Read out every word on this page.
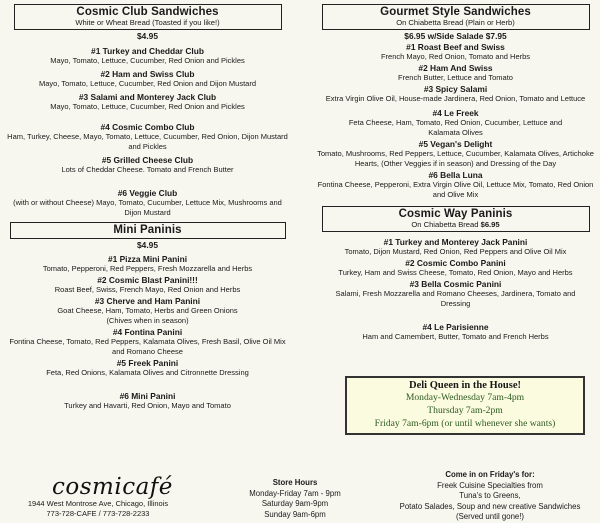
Cosmic Club Sandwiches
White or Wheat Bread (Toasted if you like!)
$4.95
#1 Turkey and Cheddar Club
Mayo, Tomato, Lettuce, Cucumber, Red Onion and Pickles
#2 Ham and Swiss Club
Mayo, Tomato, Lettuce, Cucumber, Red Onion and Dijon Mustard
#3 Salami and Monterey Jack Club
Mayo, Tomato, Lettuce, Cucumber, Red Onion and Pickles
#4 Cosmic Combo Club
Ham, Turkey, Cheese, Mayo, Tomato, Lettuce, Cucumber, Red Onion, Dijon Mustard and Pickles
#5 Grilled Cheese Club
Lots of Cheddar Cheese. Tomato and French Butter
#6 Veggie Club
(with or without Cheese) Mayo, Tomato, Cucumber, Lettuce Mix, Mushrooms and Dijon Mustard
Mini Paninis
$4.95
#1 Pizza Mini Panini
Tomato, Pepperoni, Red Peppers, Fresh Mozzarella and Herbs
#2 Cosmic Blast Panini!!!
Roast Beef, Swiss, French Mayo, Red Onion and Herbs
#3 Cherve and Ham Panini
Goat Cheese, Ham, Tomato, Herbs and Green Onions (Chives when in season)
#4 Fontina Panini
Fontina Cheese, Tomato, Red Peppers, Kalamata Olives, Fresh Basil, Olive Oil Mix and Romano Cheese
#5 Freek Panini
Feta, Red Onions, Kalamata Olives and Citronnette Dressing
#6 Mini Panini
Turkey and Havarti, Red Onion, Mayo and Tomato
Gourmet Style Sandwiches
On Chiabetta Bread (Plain or Herb)
$6.95 w/Side Salade $7.95
#1 Roast Beef and Swiss
French Mayo, Red Onion, Tomato and Herbs
#2 Ham And Swiss
French Butter, Lettuce and Tomato
#3 Spicy Salami
Extra Virgin Olive Oil, House-made Jardinera, Red Onion, Tomato and Lettuce
#4 Le Freek
Feta Cheese, Ham, Tomato, Red Onion, Cucumber, Lettuce and Kalamata Olives
#5 Vegan's Delight
Tomato, Mushrooms, Red Peppers, Lettuce, Cucumber, Kalamata Olives, Artichoke Hearts, (Other Veggies if in season) and Dressing of the Day
#6 Bella Luna
Fontina Cheese, Pepperoni, Extra Virgin Olive Oil, Lettuce Mix, Tomato, Red Onion and Olive Mix
Cosmic Way Paninis
On Chiabetta Bread $6.95
#1 Turkey and Monterey Jack Panini
Tomato, Dijon Mustard, Red Onion, Red Peppers and Olive Oil Mix
#2 Cosmic Combo Panini
Turkey, Ham and Swiss Cheese, Tomato, Red Onion, Mayo and Herbs
#3 Bella Cosmic Panini
Salami, Fresh Mozzarella and Romano Cheeses, Jardinera, Tomato and Dressing
#4 Le Parisienne
Ham and Camembert, Butter, Tomato and French Herbs
Deli Queen in the House!
Monday-Wednesday 7am-4pm
Thursday 7am-2pm
Friday 7am-6pm (or until whenever she wants)
cosmicafé
1944 West Montrose Ave, Chicago, Illinois
773-728-CAFE / 773-728-2233
Store Hours
Monday-Friday 7am - 9pm
Saturday 9am-9pm
Sunday 9am-6pm
Come in on Friday's for:
Freek Cuisine Specialties from
Tuna's to Greens,
Potato Salades, Soup and new creative Sandwiches
(Served until gone!)
